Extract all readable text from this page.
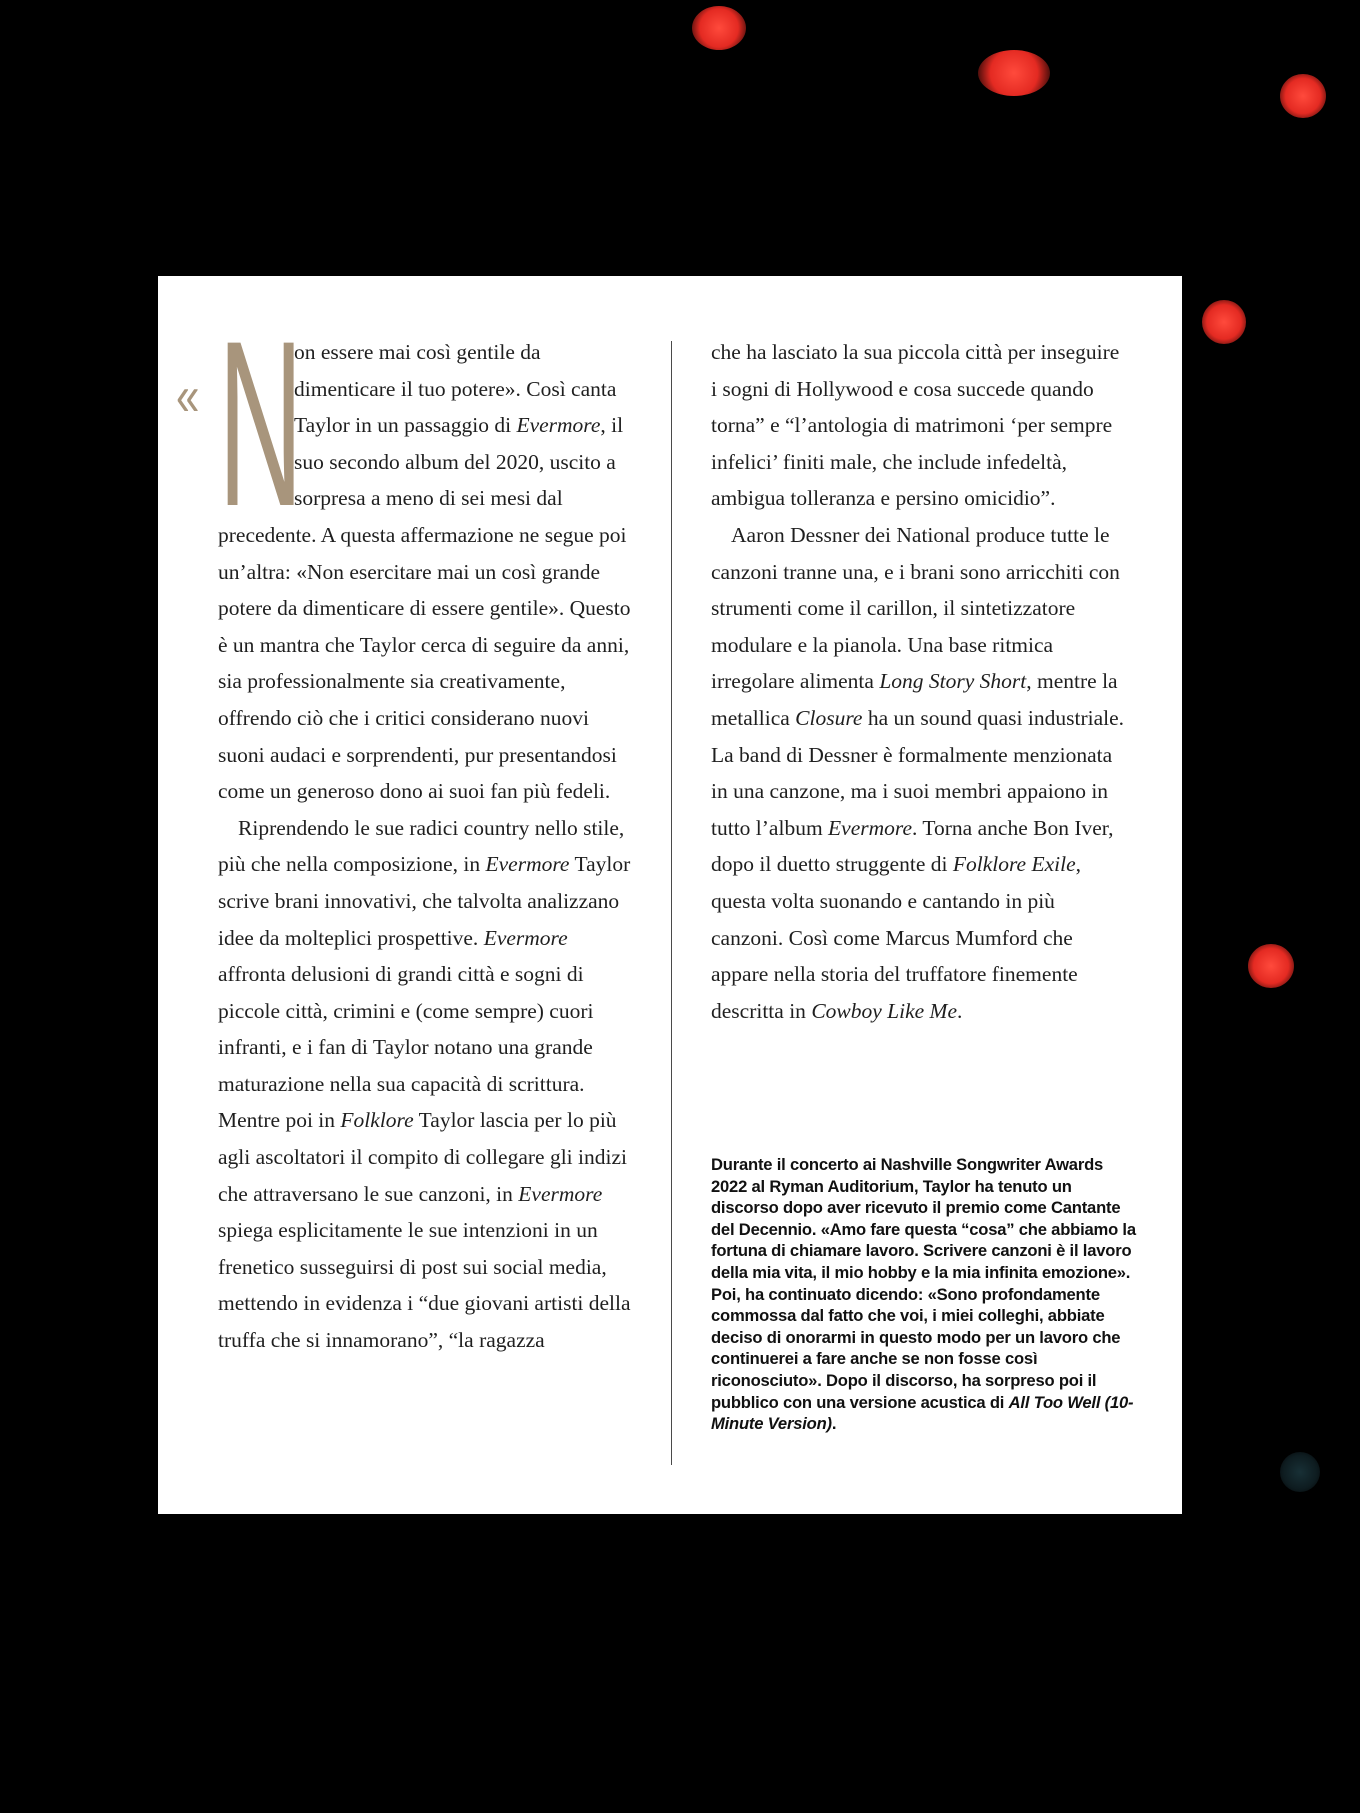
« N
on essere mai così gentile da dimenticare il tuo potere». Così canta Taylor in un passaggio di Evermore, il suo secondo album del 2020, uscito a sorpresa a meno di sei mesi dal precedente. A questa affermazione ne segue poi un’altra: «Non esercitare mai un così grande potere da dimenticare di essere gentile». Questo è un mantra che Taylor cerca di seguire da anni, sia professionalmente sia creativamente, offrendo ciò che i critici considerano nuovi suoni audaci e sorprendenti, pur presentandosi come un generoso dono ai suoi fan più fedeli.

Riprendendo le sue radici country nello stile, più che nella composizione, in Evermore Taylor scrive brani innovativi, che talvolta analizzano idee da molteplici prospettive. Evermore affronta delusioni di grandi città e sogni di piccole città, crimini e (come sempre) cuori infranti, e i fan di Taylor notano una grande maturazione nella sua capacità di scrittura. Mentre poi in Folklore Taylor lascia per lo più agli ascoltatori il compito di collegare gli indizi che attraversano le sue canzoni, in Evermore spiega esplicitamente le sue intenzioni in un frenetico susseguirsi di post sui social media, mettendo in evidenza i “due giovani artisti della truffa che si innamorano”, “la ragazza

che ha lasciato la sua piccola città per inseguire i sogni di Hollywood e cosa succede quando torna” e “l’antologia di matrimoni ‘per sempre infelici’ finiti male, che include infedeltà, ambigua tolleranza e persino omicidio”.

Aaron Dessner dei National produce tutte le canzoni tranne una, e i brani sono arricchiti con strumenti come il carillon, il sintetizzatore modulare e la pianola. Una base ritmica irregolare alimenta Long Story Short, mentre la metallica Closure ha un sound quasi industriale. La band di Dessner è formalmente menzionata in una canzone, ma i suoi membri appaiono in tutto l’album Evermore. Torna anche Bon Iver, dopo il duetto struggente di Folklore Exile, questa volta suonando e cantando in più canzoni. Così come Marcus Mumford che appare nella storia del truffatore finemente descritta in Cowboy Like Me.

Durante il concerto ai Nashville Songwriter Awards 2022 al Ryman Auditorium, Taylor ha tenuto un discorso dopo aver ricevuto il premio come Cantante del Decennio. «Amo fare questa “cosa” che abbiamo la fortuna di chiamare lavoro. Scrivere canzoni è il lavoro della mia vita, il mio hobby e la mia infinita emozione». Poi, ha continuato dicendo: «Sono profondamente commossa dal fatto che voi, i miei colleghi, abbiate deciso di onorarmi in questo modo per un lavoro che continuerei a fare anche se non fosse così riconosciuto». Dopo il discorso, ha sorpreso poi il pubblico con una versione acustica di All Too Well (10-Minute Version).
